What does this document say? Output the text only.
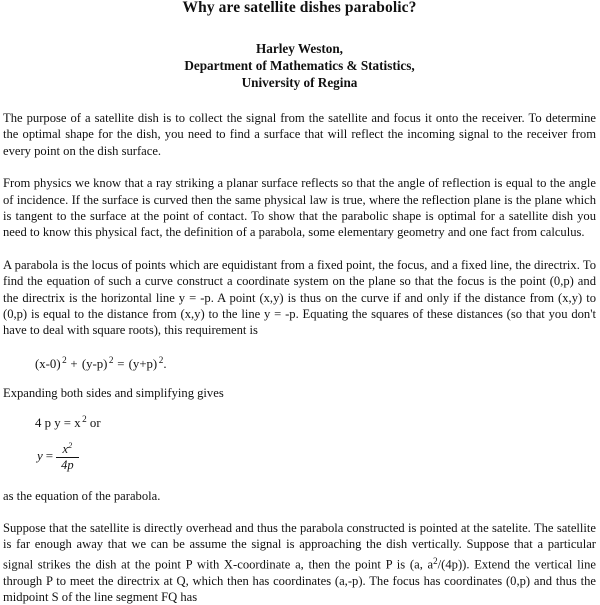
Why are satellite dishes parabolic?
Harley Weston,
Department of Mathematics & Statistics,
University of Regina

The purpose of a satellite dish is to collect the signal from the satellite and focus it onto the receiver. To determine the optimal shape for the dish, you need to find a surface that will reflect the incoming signal to the receiver from every point on the dish surface.

From physics we know that a ray striking a planar surface reflects so that the angle of reflection is equal to the angle of incidence. If the surface is curved then the same physical law is true, where the reflection plane is the plane which is tangent to the surface at the point of contact. To show that the parabolic shape is optimal for a satellite dish you need to know this physical fact, the definition of a parabola, some elementary geometry and one fact from calculus.

A parabola is the locus of points which are equidistant from a fixed point, the focus, and a fixed line, the directrix. To find the equation of such a curve construct a coordinate system on the plane so that the focus is the point (0,p) and the directrix is the horizontal line y = -p. A point (x,y) is thus on the curve if and only if the distance from (x,y) to (0,p) is equal to the distance from (x,y) to the line y = -p. Equating the squares of these distances (so that you don't have to deal with square roots), this requirement is

(x-0) $^2$ + (y-p) $^2$ = (y+p) $^2$.

Expanding both sides and simplifying gives

4 p y = x $^2$ or

$y = \frac{x^2}{4p}$

as the equation of the parabola.

Suppose that the satellite is directly overhead and thus the parabola constructed is pointed at the satelite. The satellite is far enough away that we can be assume the signal is approaching the dish vertically. Suppose that a particular signal strikes the dish at the point P with X-coordinate a, then the point P is (a, $a^2/(4p)$). Extend the vertical line through P to meet the directrix at Q, which then has coordinates (a,-p). The focus has coordinates (0,p) and thus the midpoint S of the line segment FQ has
